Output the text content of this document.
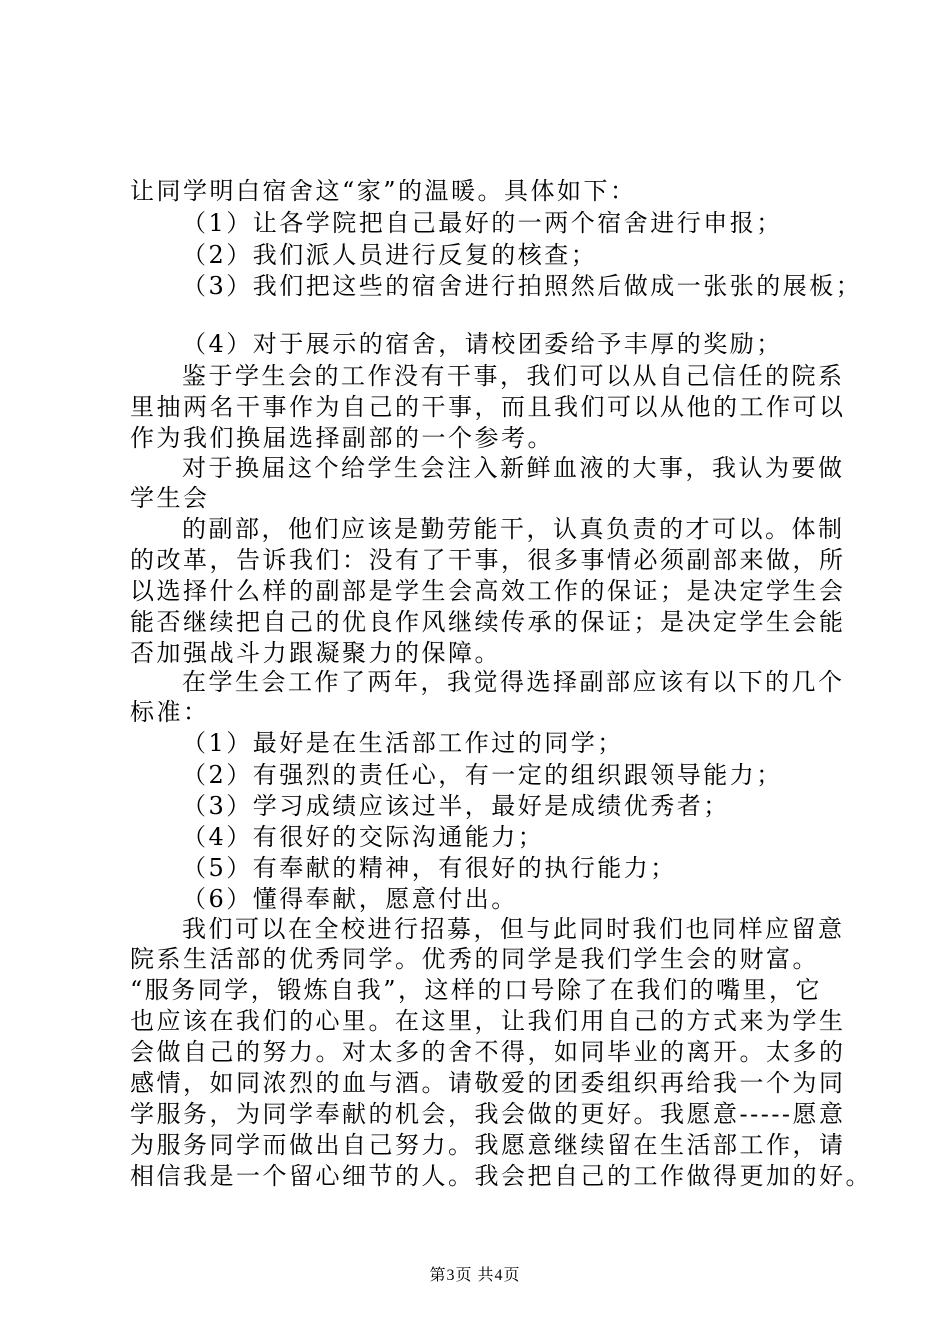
让同学明白宿舍这“家”的温暖。具体如下：
（1）让各学院把自己最好的一两个宿舍进行申报；
（2）我们派人员进行反复的核查；
（3）我们把这些的宿舍进行拍照然后做成一张张的展板；
（4）对于展示的宿舍，请校团委给予丰厚的奖励；
鉴于学生会的工作没有干事，我们可以从自己信任的院系
里抽两名干事作为自己的干事，而且我们可以从他的工作可以
作为我们换届选择副部的一个参考。
对于换届这个给学生会注入新鲜血液的大事，我认为要做
学生会
的副部，他们应该是勤劳能干，认真负责的才可以。体制
的改革，告诉我们：没有了干事，很多事情必须副部来做，所
以选择什么样的副部是学生会高效工作的保证；是决定学生会
能否继续把自己的优良作风继续传承的保证；是决定学生会能
否加强战斗力跟凝聚力的保障。
在学生会工作了两年，我觉得选择副部应该有以下的几个
标准：
（1）最好是在生活部工作过的同学；
（2）有强烈的责任心，有一定的组织跟领导能力；
（3）学习成绩应该过半，最好是成绩优秀者；
（4）有很好的交际沟通能力；
（5）有奉献的精神，有很好的执行能力；
（6）懂得奉献，愿意付出。
我们可以在全校进行招募，但与此同时我们也同样应留意
院系生活部的优秀同学。优秀的同学是我们学生会的财富。
“服务同学，锻炼自我”，这样的口号除了在我们的嘴里，它
也应该在我们的心里。在这里，让我们用自己的方式来为学生
会做自己的努力。对太多的舍不得，如同毕业的离开。太多的
感情，如同浓烈的血与酒。请敬爱的团委组织再给我一个为同
学服务，为同学奉献的机会，我会做的更好。我愿意-----愿意
为服务同学而做出自己努力。我愿意继续留在生活部工作，请
相信我是一个留心细节的人。我会把自己的工作做得更加的好。
第3页 共4页
